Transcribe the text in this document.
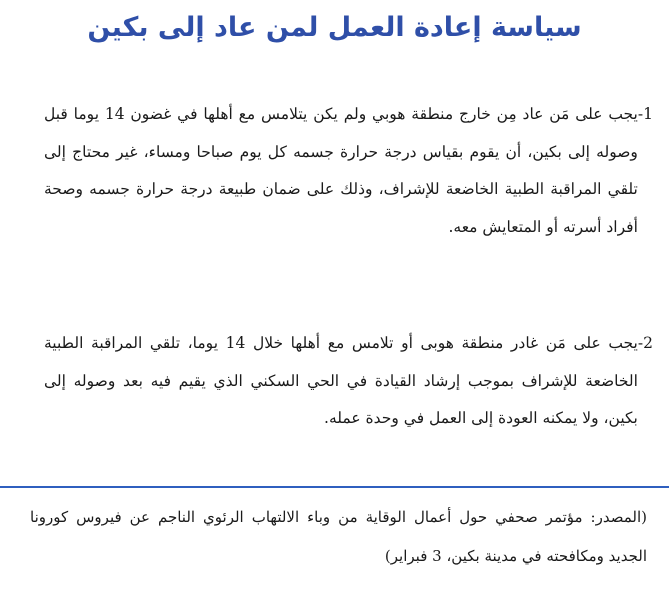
سياسة إعادة العمل لمن عاد إلى بكين
1-
يجب على مَن عاد مِن خارج منطقة هوبي ولم يكن يتلامس مع أهلها في غضون 14 يوما قبل وصوله إلى بكين، أن يقوم بقياس درجة حرارة جسمه كل يوم صباحا ومساء، غير محتاج إلى تلقي المراقبة الطبية الخاضعة للإشراف، وذلك على ضمان طبيعة درجة حرارة جسمه وصحة أفراد أسرته أو المتعايش معه.
2-
يجب على مَن غادر منطقة هوبى أو تلامس مع أهلها خلال 14 يوما، تلقي المراقبة الطبية الخاضعة للإشراف بموجب إرشاد القيادة في الحي السكني الذي يقيم فيه بعد وصوله إلى بكين، ولا يمكنه العودة إلى العمل في وحدة عمله.
(المصدر: مؤتمر صحفي حول أعمال الوقاية من وباء الالتهاب الرئوي الناجم عن فيروس كورونا الجديد ومكافحته في مدينة بكين، 3 فبراير)
